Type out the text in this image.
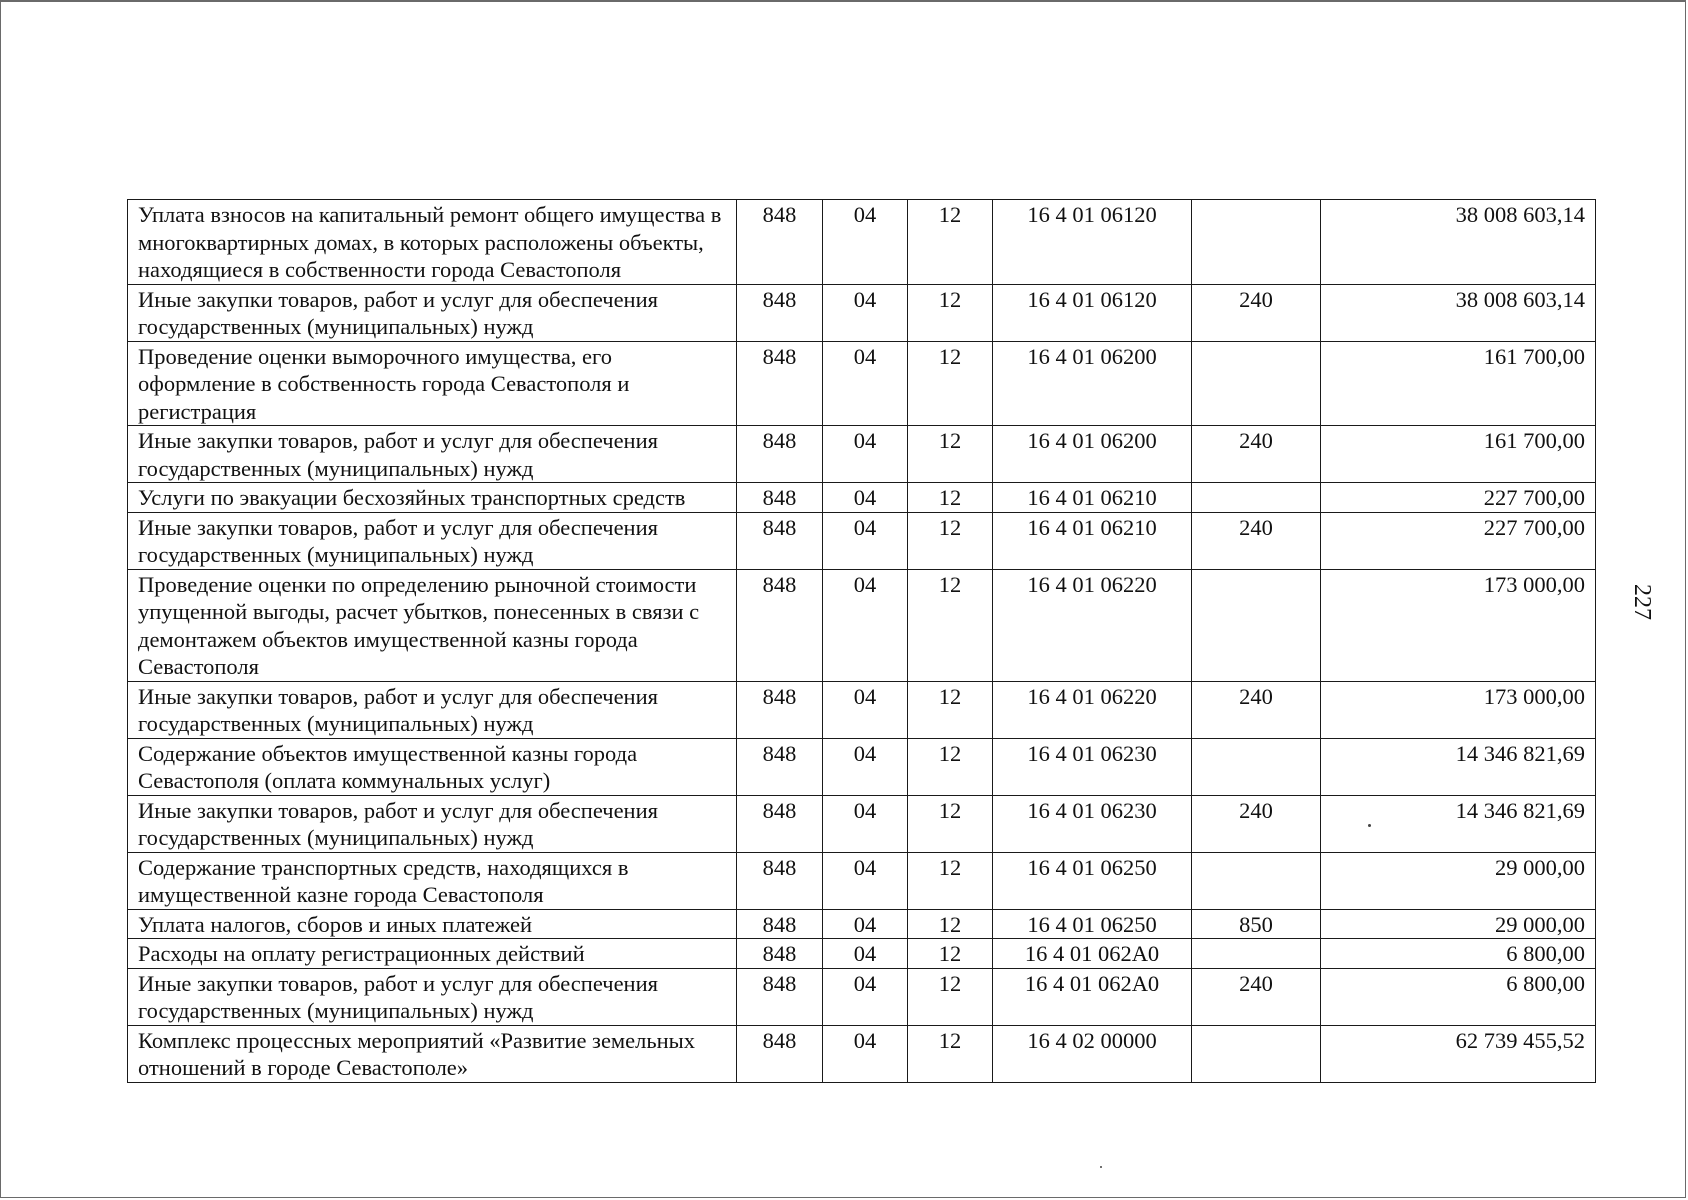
Уплата взносов на капитальный ремонт общего имущества в многоквартирных домах, в которых расположены объекты, находящиеся в собственности города Севастополя	848	04	12	16 4 01 06120		38 008 603,14
Иные закупки товаров, работ и услуг для обеспечения государственных (муниципальных) нужд	848	04	12	16 4 01 06120	240	38 008 603,14
Проведение оценки выморочного имущества, его оформление в собственность города Севастополя и регистрация	848	04	12	16 4 01 06200		161 700,00
Иные закупки товаров, работ и услуг для обеспечения государственных (муниципальных) нужд	848	04	12	16 4 01 06200	240	161 700,00
Услуги по эвакуации бесхозяйных транспортных средств	848	04	12	16 4 01 06210		227 700,00
Иные закупки товаров, работ и услуг для обеспечения государственных (муниципальных) нужд	848	04	12	16 4 01 06210	240	227 700,00
Проведение оценки по определению рыночной стоимости упущенной выгоды, расчет убытков, понесенных в связи с демонтажем объектов имущественной казны города Севастополя	848	04	12	16 4 01 06220		173 000,00
Иные закупки товаров, работ и услуг для обеспечения государственных (муниципальных) нужд	848	04	12	16 4 01 06220	240	173 000,00
Содержание объектов имущественной казны города Севастополя (оплата коммунальных услуг)	848	04	12	16 4 01 06230		14 346 821,69
Иные закупки товаров, работ и услуг для обеспечения государственных (муниципальных) нужд	848	04	12	16 4 01 06230	240	14 346 821,69
Содержание транспортных средств, находящихся в имущественной казне города Севастополя	848	04	12	16 4 01 06250		29 000,00
Уплата налогов, сборов и иных платежей	848	04	12	16 4 01 06250	850	29 000,00
Расходы на оплату регистрационных действий	848	04	12	16 4 01 062А0		6 800,00
Иные закупки товаров, работ и услуг для обеспечения государственных (муниципальных) нужд	848	04	12	16 4 01 062А0	240	6 800,00
Комплекс процессных мероприятий «Развитие земельных отношений в городе Севастополе»	848	04	12	16 4 02 00000		62 739 455,52
227
